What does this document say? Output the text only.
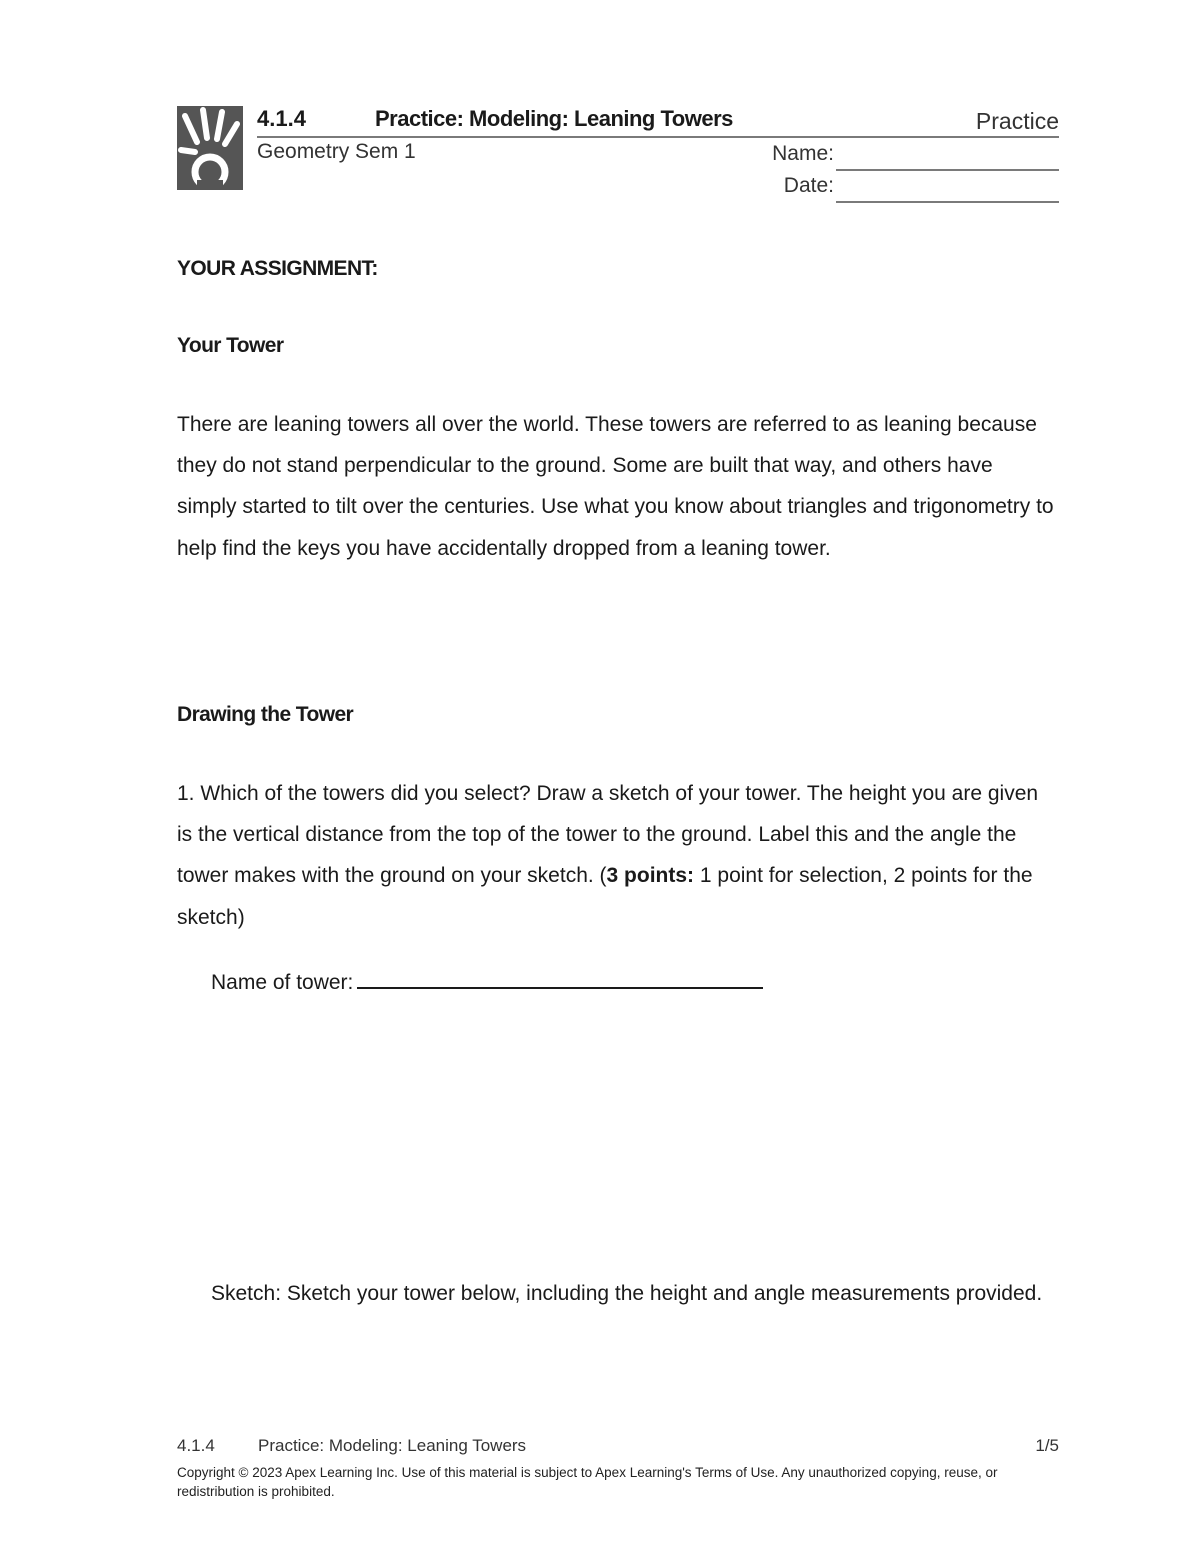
4.1.4	Practice: Modeling: Leaning Towers	Practice
Geometry Sem 1	Name:
Date:
YOUR ASSIGNMENT:
Your Tower

There are leaning towers all over the world. These towers are referred to as leaning because they do not stand perpendicular to the ground. Some are built that way, and others have simply started to tilt over the centuries. Use what you know about triangles and trigonometry to help find the keys you have accidentally dropped from a leaning tower.

Drawing the Tower

1. Which of the towers did you select? Draw a sketch of your tower. The height you are given is the vertical distance from the top of the tower to the ground. Label this and the angle the tower makes with the ground on your sketch. (3 points: 1 point for selection, 2 points for the sketch)

Name of tower:

Sketch: Sketch your tower below, including the height and angle measurements provided.

4.1.4	Practice: Modeling: Leaning Towers	1/5

Copyright © 2023 Apex Learning Inc. Use of this material is subject to Apex Learning's Terms of Use. Any unauthorized copying, reuse, or redistribution is prohibited.
